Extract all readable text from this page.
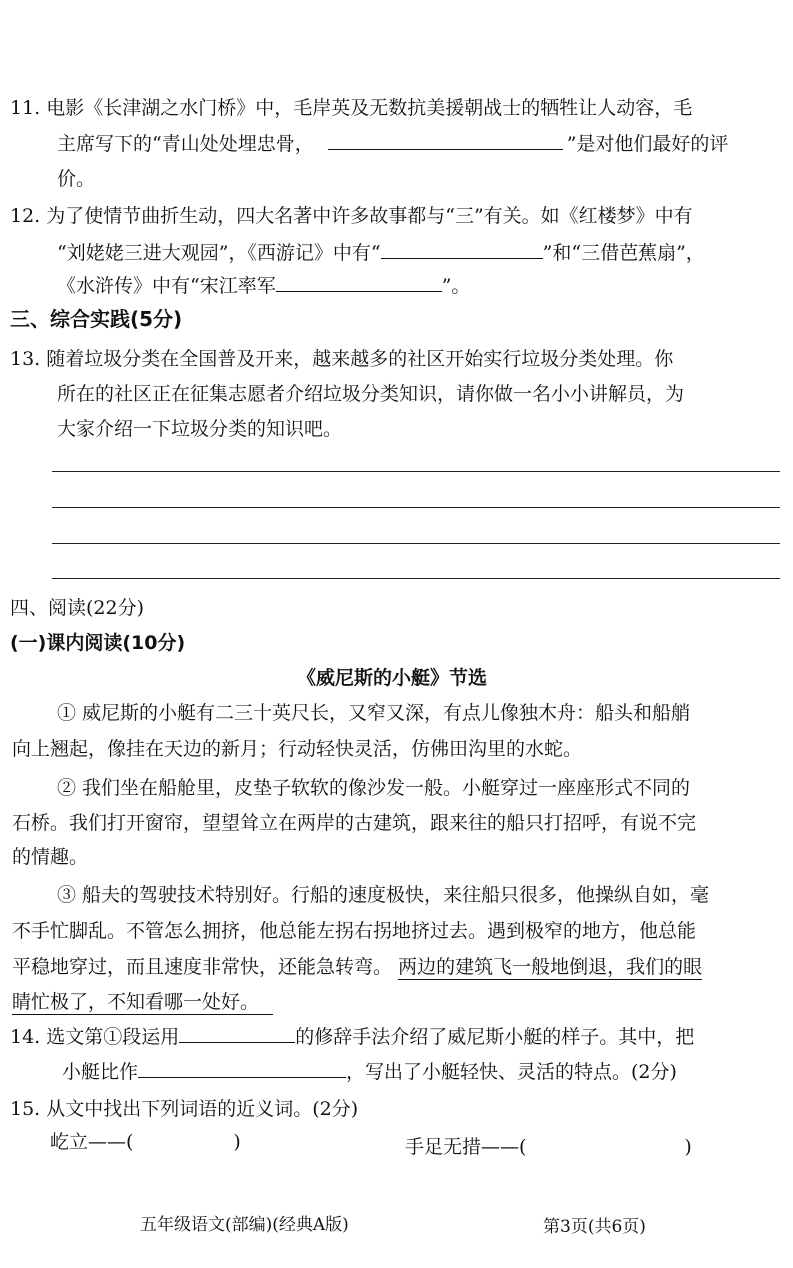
11. 电影《长津湖之水门桥》中，毛岸英及无数抗美援朝战士的牺牲让人动容，毛
主席写下的“青山处处埋忠骨，	”是对他们最好的评
价。
12. 为了使情节曲折生动，四大名著中许多故事都与“三”有关。如《红楼梦》中有
“刘姥姥三进大观园”，《西游记》中有“	”和“三借芭蕉扇”，
《水浒传》中有“宋江率军	”。
三、综合实践(5分)
13. 随着垃圾分类在全国普及开来，越来越多的社区开始实行垃圾分类处理。你
所在的社区正在征集志愿者介绍垃圾分类知识，请你做一名小小讲解员，为
大家介绍一下垃圾分类的知识吧。
四、阅读(22分)
(一)课内阅读(10分)
《威尼斯的小艇》节选
① 威尼斯的小艇有二三十英尺长，又窄又深，有点儿像独木舟：船头和船艄
向上翘起，像挂在天边的新月；行动轻快灵活，仿佛田沟里的水蛇。
② 我们坐在船舱里，皮垫子软软的像沙发一般。小艇穿过一座座形式不同的
石桥。我们打开窗帘，望望耸立在两岸的古建筑，跟来往的船只打招呼，有说不完
的情趣。
③ 船夫的驾驶技术特别好。行船的速度极快，来往船只很多，他操纵自如，毫
不手忙脚乱。不管怎么拥挤，他总能左拐右拐地挤过去。遇到极窄的地方，他总能
平稳地穿过，而且速度非常快，还能急转弯。 两边的建筑飞一般地倒退，我们的眼
睛忙极了，不知看哪一处好。
14. 选文第①段运用	的修辞手法介绍了威尼斯小艇的样子。其中，把
小艇比作	，写出了小艇轻快、灵活的特点。(2分)
15. 从文中找出下列词语的近义词。(2分)
屹立——(	)	手足无措——(	)
五年级语文(部编)(经典A版)	第3页(共6页)
